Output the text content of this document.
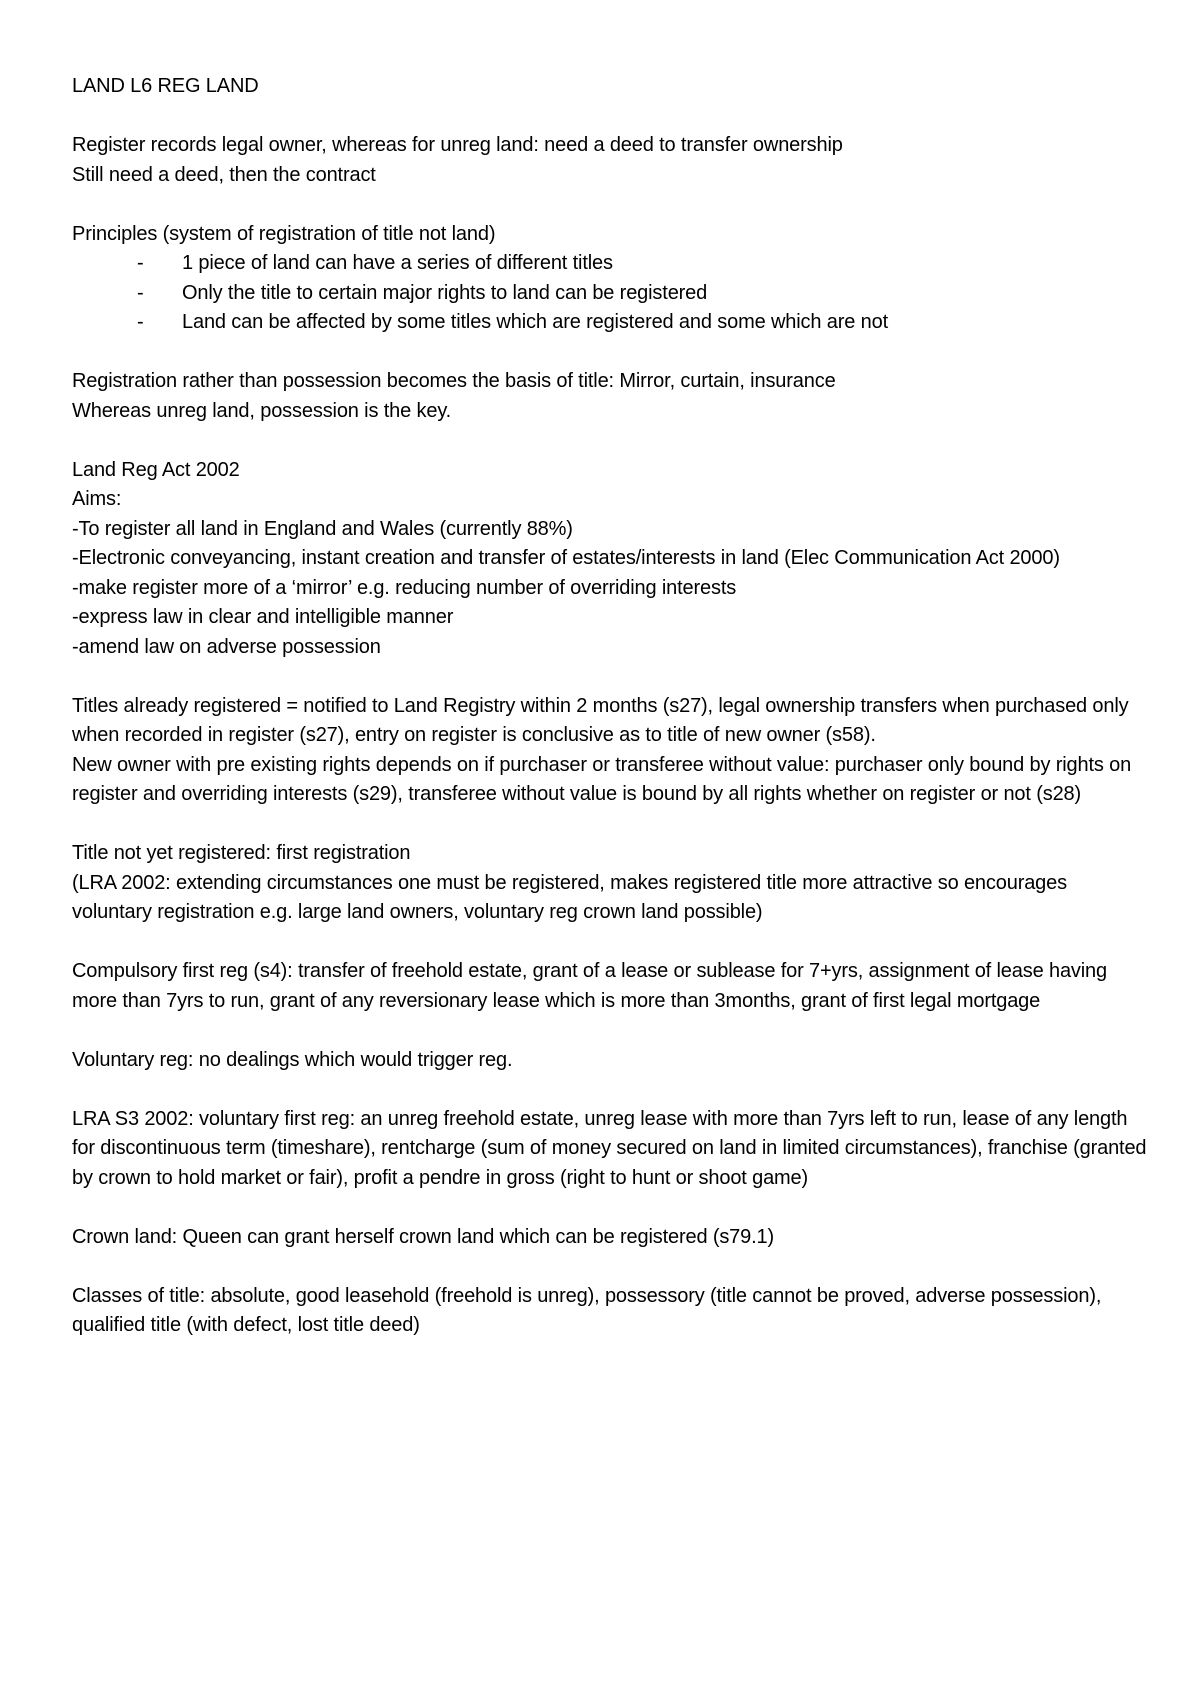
LAND L6 REG LAND

Register records legal owner, whereas for unreg land: need a deed to transfer ownership

Still need a deed, then the contract

Principles (system of registration of title not land)

- 1 piece of land can have a series of different titles
- Only the title to certain major rights to land can be registered
- Land can be affected by some titles which are registered and some which are not

Registration rather than possession becomes the basis of title: Mirror, curtain, insurance

Whereas unreg land, possession is the key.

Land Reg Act 2002

Aims:

-To register all land in England and Wales (currently 88%)

-Electronic conveyancing, instant creation and transfer of estates/interests in land (Elec Communication Act 2000)

-make register more of a ‘mirror’ e.g. reducing number of overriding interests

-express law in clear and intelligible manner

-amend law on adverse possession

Titles already registered = notified to Land Registry within 2 months (s27), legal ownership transfers when purchased only when recorded in register (s27), entry on register is conclusive as to title of new owner (s58).

New owner with pre existing rights depends on if purchaser or transferee without value: purchaser only bound by rights on register and overriding interests (s29), transferee without value is bound by all rights whether on register or not (s28)

Title not yet registered: first registration

(LRA 2002: extending circumstances one must be registered, makes registered title more attractive so encourages voluntary registration e.g. large land owners, voluntary reg crown land possible)

Compulsory first reg (s4): transfer of freehold estate, grant of a lease or sublease for 7+yrs, assignment of lease having more than 7yrs to run, grant of any reversionary lease which is more than 3months, grant of first legal mortgage

Voluntary reg: no dealings which would trigger reg.

LRA S3 2002: voluntary first reg: an unreg freehold estate, unreg lease with more than 7yrs left to run, lease of any length for discontinuous term (timeshare), rentcharge (sum of money secured on land in limited circumstances), franchise (granted by crown to hold market or fair), profit a pendre in gross (right to hunt or shoot game)

Crown land: Queen can grant herself crown land which can be registered (s79.1)

Classes of title: absolute, good leasehold (freehold is unreg), possessory (title cannot be proved, adverse possession), qualified title (with defect, lost title deed)
